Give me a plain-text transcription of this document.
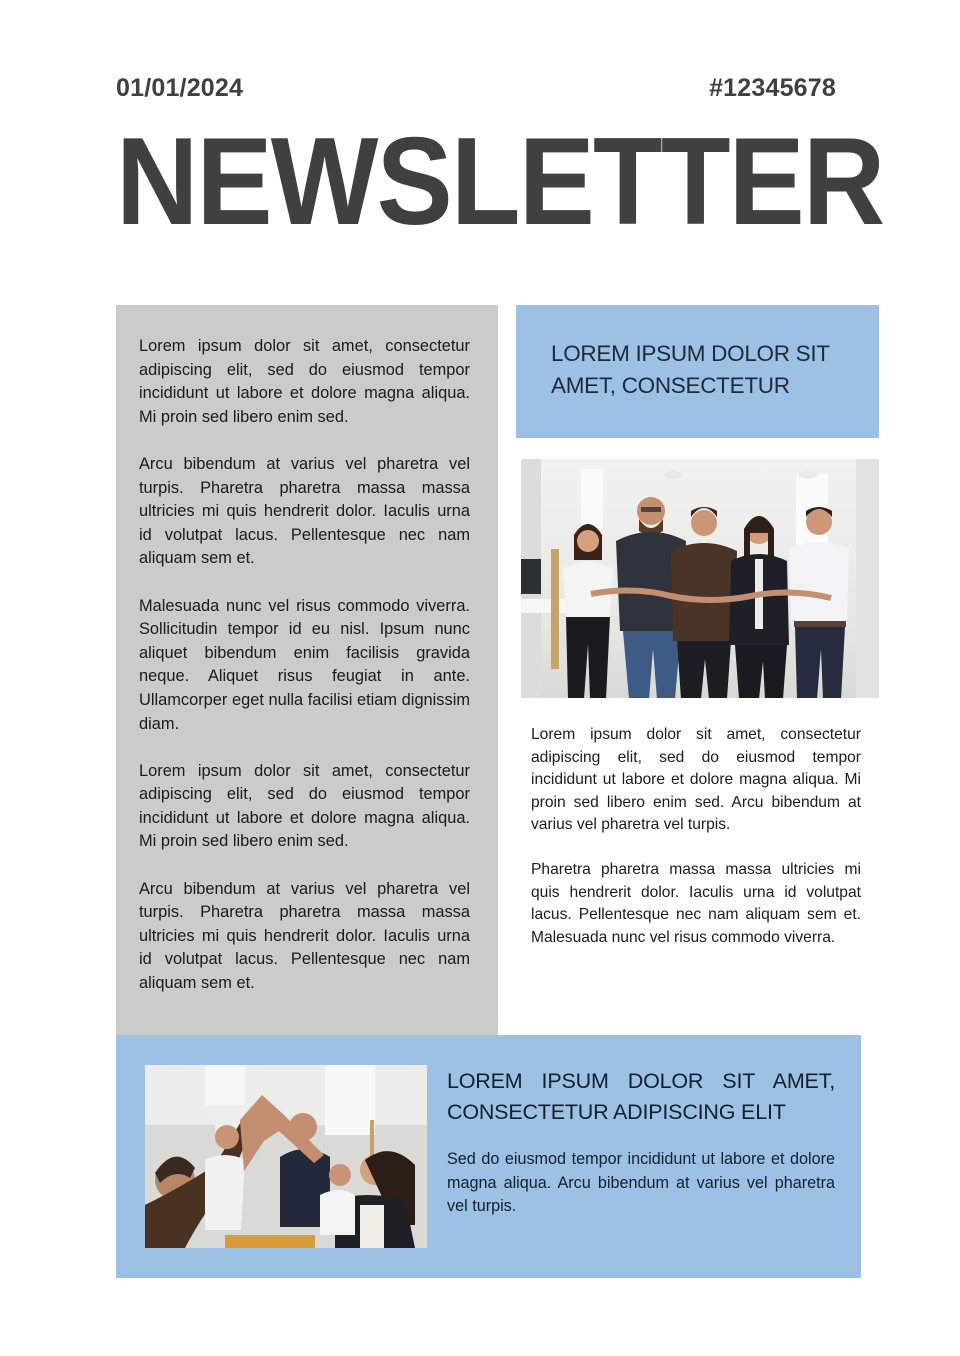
01/01/2024	#12345678
NEWSLETTER

Lorem ipsum dolor sit amet, consectetur adipiscing elit, sed do eiusmod tempor incididunt ut labore et dolore magna aliqua. Mi proin sed libero enim sed.

Arcu bibendum at varius vel pharetra vel turpis. Pharetra pharetra massa massa ultricies mi quis hendrerit dolor. Iaculis urna id volutpat lacus. Pellentesque nec nam aliquam sem et.

Malesuada nunc vel risus commodo viverra. Sollicitudin tempor id eu nisl. Ipsum nunc aliquet bibendum enim facilisis gravida neque. Aliquet risus feugiat in ante. Ullamcorper eget nulla facilisi etiam dignissim diam.

Lorem ipsum dolor sit amet, consectetur adipiscing elit, sed do eiusmod tempor incididunt ut labore et dolore magna aliqua. Mi proin sed libero enim sed.

Arcu bibendum at varius vel pharetra vel turpis. Pharetra pharetra massa massa ultricies mi quis hendrerit dolor. Iaculis urna id volutpat lacus. Pellentesque nec nam aliquam sem et.

LOREM IPSUM DOLOR SIT AMET, CONSECTETUR

Lorem ipsum dolor sit amet, consectetur adipiscing elit, sed do eiusmod tempor incididunt ut labore et dolore magna aliqua. Mi proin sed libero enim sed. Arcu bibendum at varius vel pharetra vel turpis.

Pharetra pharetra massa massa ultricies mi quis hendrerit dolor. Iaculis urna id volutpat lacus. Pellentesque nec nam aliquam sem et. Malesuada nunc vel risus commodo viverra.

LOREM IPSUM DOLOR SIT AMET, CONSECTETUR ADIPISCING ELIT

Sed do eiusmod tempor incididunt ut labore et dolore magna aliqua. Arcu bibendum at varius vel pharetra vel turpis.
